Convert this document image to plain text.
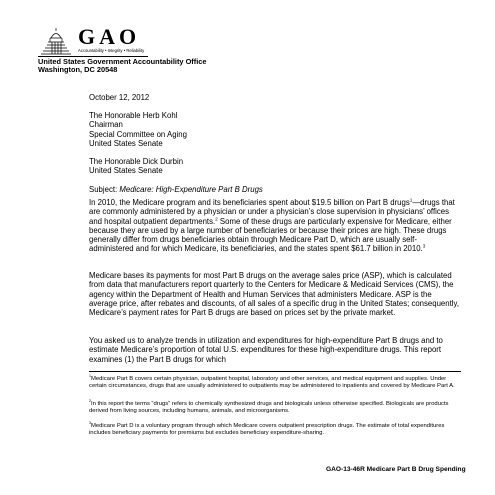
GAO
Accountability • Integrity • Reliability
United States Government Accountability Office
Washington, DC 20548
October 12, 2012
The Honorable Herb Kohl
Chairman
Special Committee on Aging
United States Senate
The Honorable Dick Durbin
United States Senate
Subject: Medicare: High-Expenditure Part B Drugs

In 2010, the Medicare program and its beneficiaries spent about $19.5 billion on Part B drugs$^1$—drugs that are commonly administered by a physician or under a physician’s close supervision in physicians’ offices and hospital outpatient departments.$^2$ Some of these drugs are particularly expensive for Medicare, either because they are used by a large number of beneficiaries or because their prices are high. These drugs generally differ from drugs beneficiaries obtain through Medicare Part D, which are usually self-administered and for which Medicare, its beneficiaries, and the states spent $61.7 billion in 2010.$^3$

Medicare bases its payments for most Part B drugs on the average sales price (ASP), which is calculated from data that manufacturers report quarterly to the Centers for Medicare & Medicaid Services (CMS), the agency within the Department of Health and Human Services that administers Medicare. ASP is the average price, after rebates and discounts, of all sales of a specific drug in the United States; consequently, Medicare’s payment rates for Part B drugs are based on prices set by the private market.

You asked us to analyze trends in utilization and expenditures for high-expenditure Part B drugs and to estimate Medicare’s proportion of total U.S. expenditures for these high-expenditure drugs. This report examines (1) the Part B drugs for which

$^1$Medicare Part B covers certain physician, outpatient hospital, laboratory and other services, and medical equipment and supplies. Under certain circumstances, drugs that are usually administered to outpatients may be administered to inpatients and covered by Medicare Part A.
$^2$In this report the terms “drugs” refers to chemically synthesized drugs and biologicals unless otherwise specified. Biologicals are products derived from living sources, including humans, animals, and microorganisms.
$^3$Medicare Part D is a voluntary program through which Medicare covers outpatient prescription drugs. The estimate of total expenditures includes beneficiary payments for premiums but excludes beneficiary expenditure-sharing.
GAO-13-46R Medicare Part B Drug Spending
